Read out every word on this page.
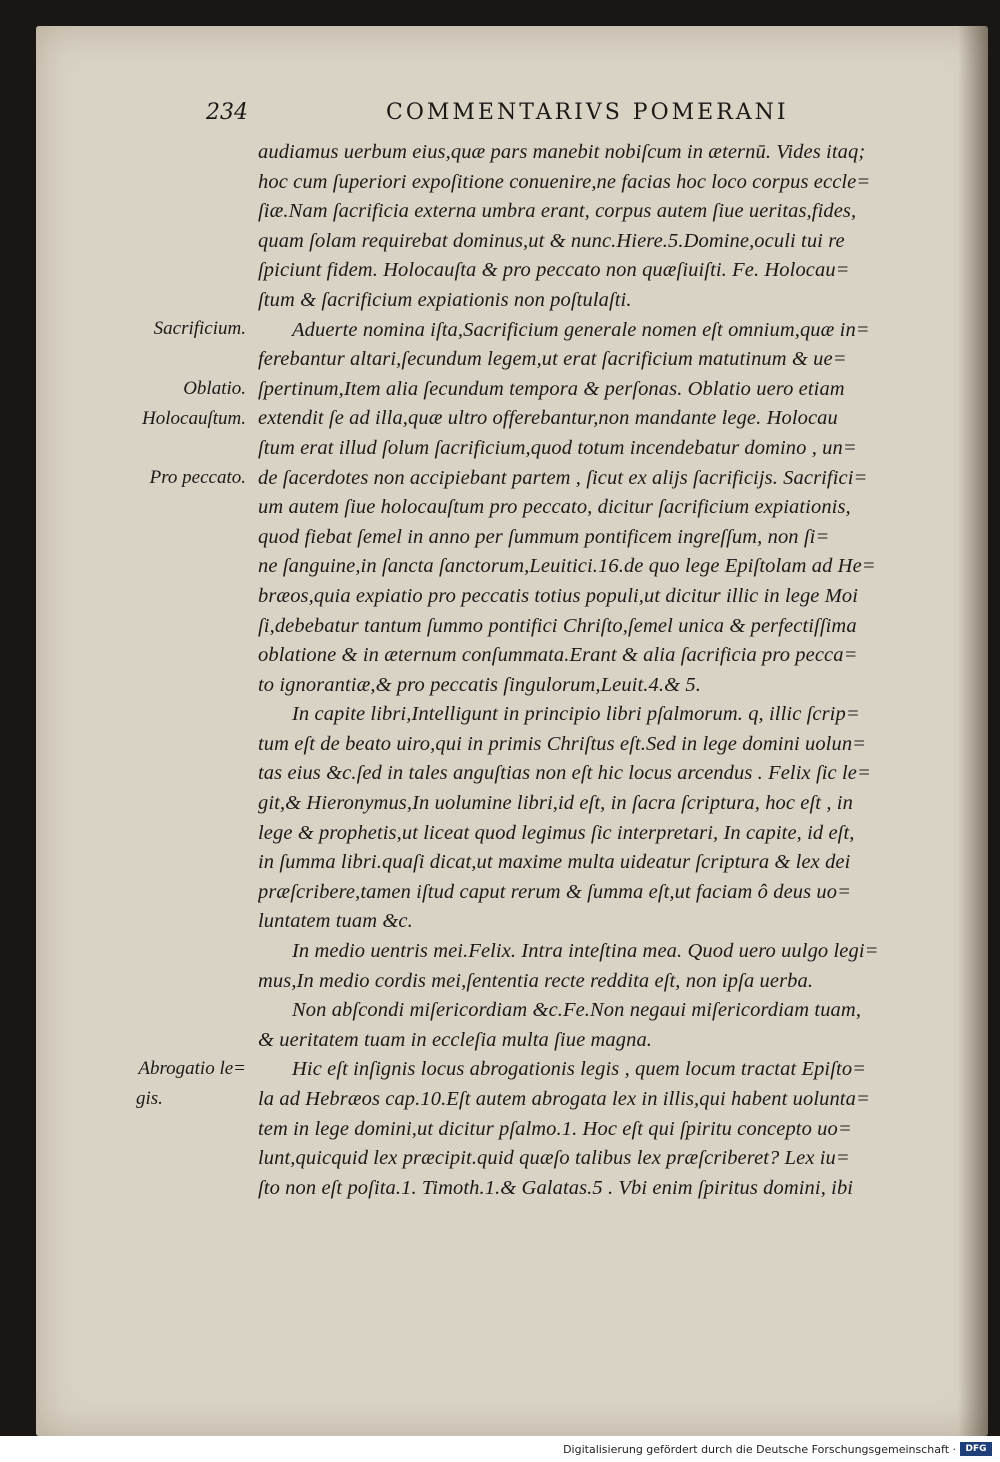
234	COMMENTARIVS POMERANI
Sacrificium.
Oblatio.
Holocauſtum.
Pro peccato.
Abrogatio le=
gis.
audiamus uerbum eius,quæ pars manebit nobiſcum in æternū. Vides itaq;
hoc cum ſuperiori expoſitione conuenire,ne facias hoc loco corpus eccle=
ſiæ.Nam ſacrificia externa umbra erant, corpus autem ſiue ueritas,fides,
quam ſolam requirebat dominus,ut & nunc.Hiere.5.Domine,oculi tui re
ſpiciunt fidem. Holocauſta & pro peccato non quæſiuiſti. Fe. Holocau=
ſtum & ſacrificium expiationis non poſtulaſti.
Aduerte nomina iſta,Sacrificium generale nomen eſt omnium,quæ in=
ferebantur altari,ſecundum legem,ut erat ſacrificium matutinum & ue=
ſpertinum,Item alia ſecundum tempora & perſonas. Oblatio uero etiam
extendit ſe ad illa,quæ ultro offerebantur,non mandante lege. Holocau
ſtum erat illud ſolum ſacrificium,quod totum incendebatur domino , un=
de ſacerdotes non accipiebant partem , ſicut ex alijs ſacrificijs. Sacrifici=
um autem ſiue holocauſtum pro peccato, dicitur ſacrificium expiationis,
quod fiebat ſemel in anno per ſummum pontificem ingreſſum, non ſi=
ne ſanguine,in ſancta ſanctorum,Leuitici.16.de quo lege Epiſtolam ad He=
bræos,quia expiatio pro peccatis totius populi,ut dicitur illic in lege Moi
ſi,debebatur tantum ſummo pontifici Chriſto,ſemel unica & perfectiſſima
oblatione & in æternum conſummata.Erant & alia ſacrificia pro pecca=
to ignorantiæ,& pro peccatis ſingulorum,Leuit.4.& 5.
In capite libri,Intelligunt in principio libri pſalmorum. q, illic ſcrip=
tum eſt de beato uiro,qui in primis Chriſtus eſt.Sed in lege domini uolun=
tas eius &c.ſed in tales anguſtias non eſt hic locus arcendus . Felix ſic le=
git,& Hieronymus,In uolumine libri,id eſt, in ſacra ſcriptura, hoc eſt , in
lege & prophetis,ut liceat quod legimus ſic interpretari, In capite, id eſt,
in ſumma libri.quaſi dicat,ut maxime multa uideatur ſcriptura & lex dei
præſcribere,tamen iſtud caput rerum & ſumma eſt,ut faciam ô deus uo=
luntatem tuam &c.
In medio uentris mei.Felix. Intra inteſtina mea. Quod uero uulgo legi=
mus,In medio cordis mei,ſententia recte reddita eſt, non ipſa uerba.
Non abſcondi miſericordiam &c.Fe.Non negaui miſericordiam tuam,
& ueritatem tuam in eccleſia multa ſiue magna.
Hic eſt inſignis locus abrogationis legis , quem locum tractat Epiſto=
la ad Hebræos cap.10.Eſt autem abrogata lex in illis,qui habent uolunta=
tem in lege domini,ut dicitur pſalmo.1. Hoc eſt qui ſpiritu concepto uo=
lunt,quicquid lex præcipit.quid quæſo talibus lex præſcriberet? Lex iu=
ſto non eſt poſita.1. Timoth.1.& Galatas.5 . Vbi enim ſpiritus domini, ibi
Digitalisierung gefördert durch die Deutsche Forschungsgemeinschaft ·	DFG
